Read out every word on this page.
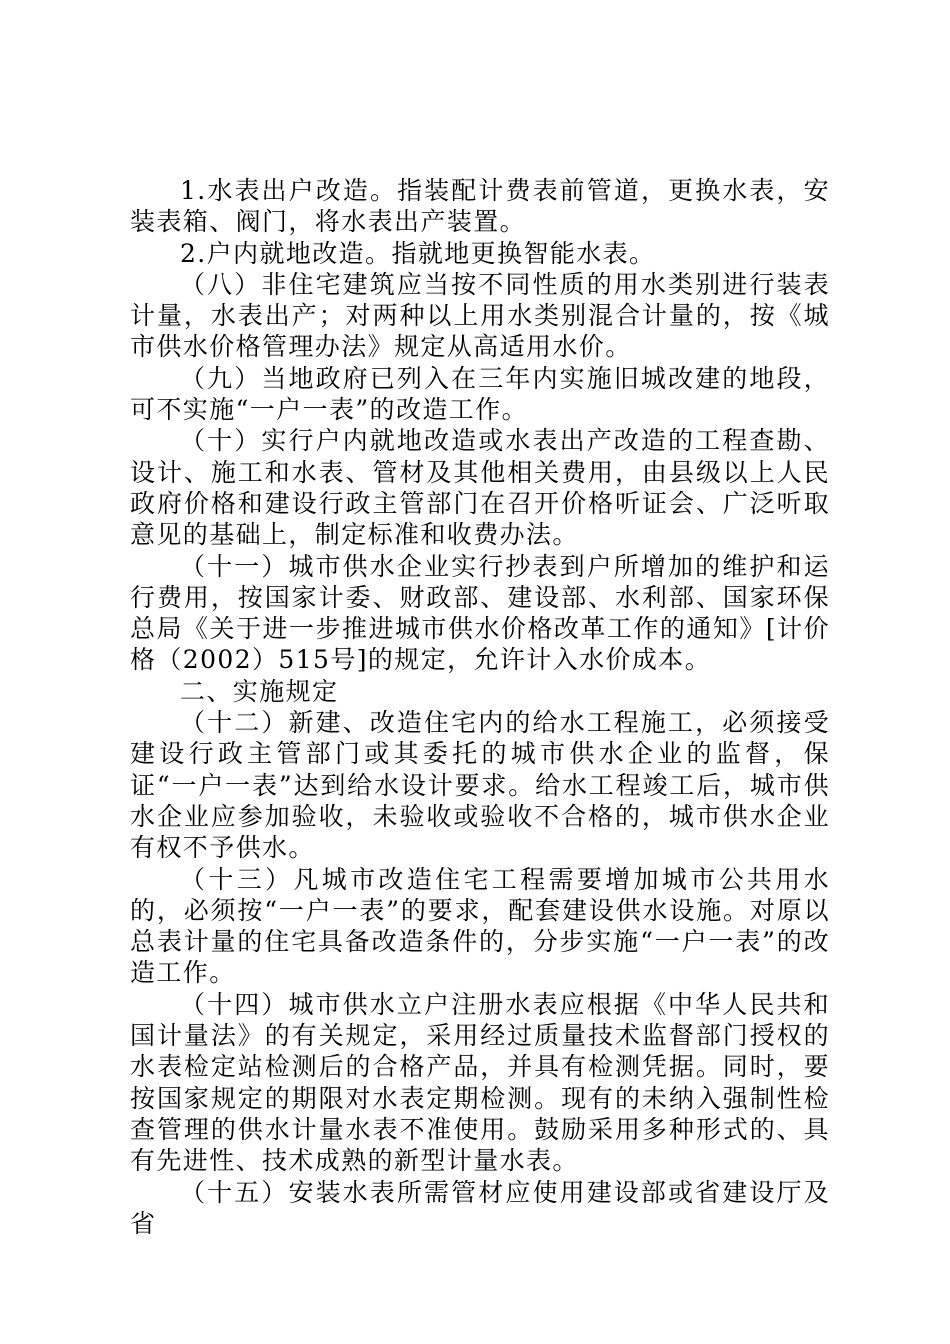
1.水表出户改造。指装配计费表前管道，更换水表，安装表箱、阀门，将水表出产装置。

2.户内就地改造。指就地更换智能水表。

（八）非住宅建筑应当按不同性质的用水类别进行装表计量，水表出产；对两种以上用水类别混合计量的，按《城市供水价格管理办法》规定从高适用水价。

（九）当地政府已列入在三年内实施旧城改建的地段，可不实施“一户一表”的改造工作。

（十）实行户内就地改造或水表出产改造的工程查勘、设计、施工和水表、管材及其他相关费用，由县级以上人民政府价格和建设行政主管部门在召开价格听证会、广泛听取意见的基础上，制定标准和收费办法。

（十一）城市供水企业实行抄表到户所增加的维护和运行费用，按国家计委、财政部、建设部、水利部、国家环保总局《关于进一步推进城市供水价格改革工作的通知》[计价格（2002）515号]的规定，允许计入水价成本。

二、实施规定

（十二）新建、改造住宅内的给水工程施工，必须接受建设行政主管部门或其委托的城市供水企业的监督，保证“一户一表”达到给水设计要求。给水工程竣工后，城市供水企业应参加验收，未验收或验收不合格的，城市供水企业有权不予供水。

（十三）凡城市改造住宅工程需要增加城市公共用水的，必须按“一户一表”的要求，配套建设供水设施。对原以总表计量的住宅具备改造条件的，分步实施“一户一表”的改造工作。

（十四）城市供水立户注册水表应根据《中华人民共和国计量法》的有关规定，采用经过质量技术监督部门授权的水表检定站检测后的合格产品，并具有检测凭据。同时，要按国家规定的期限对水表定期检测。现有的未纳入强制性检查管理的供水计量水表不准使用。鼓励采用多种形式的、具有先进性、技术成熟的新型计量水表。

（十五）安装水表所需管材应使用建设部或省建设厅及省
